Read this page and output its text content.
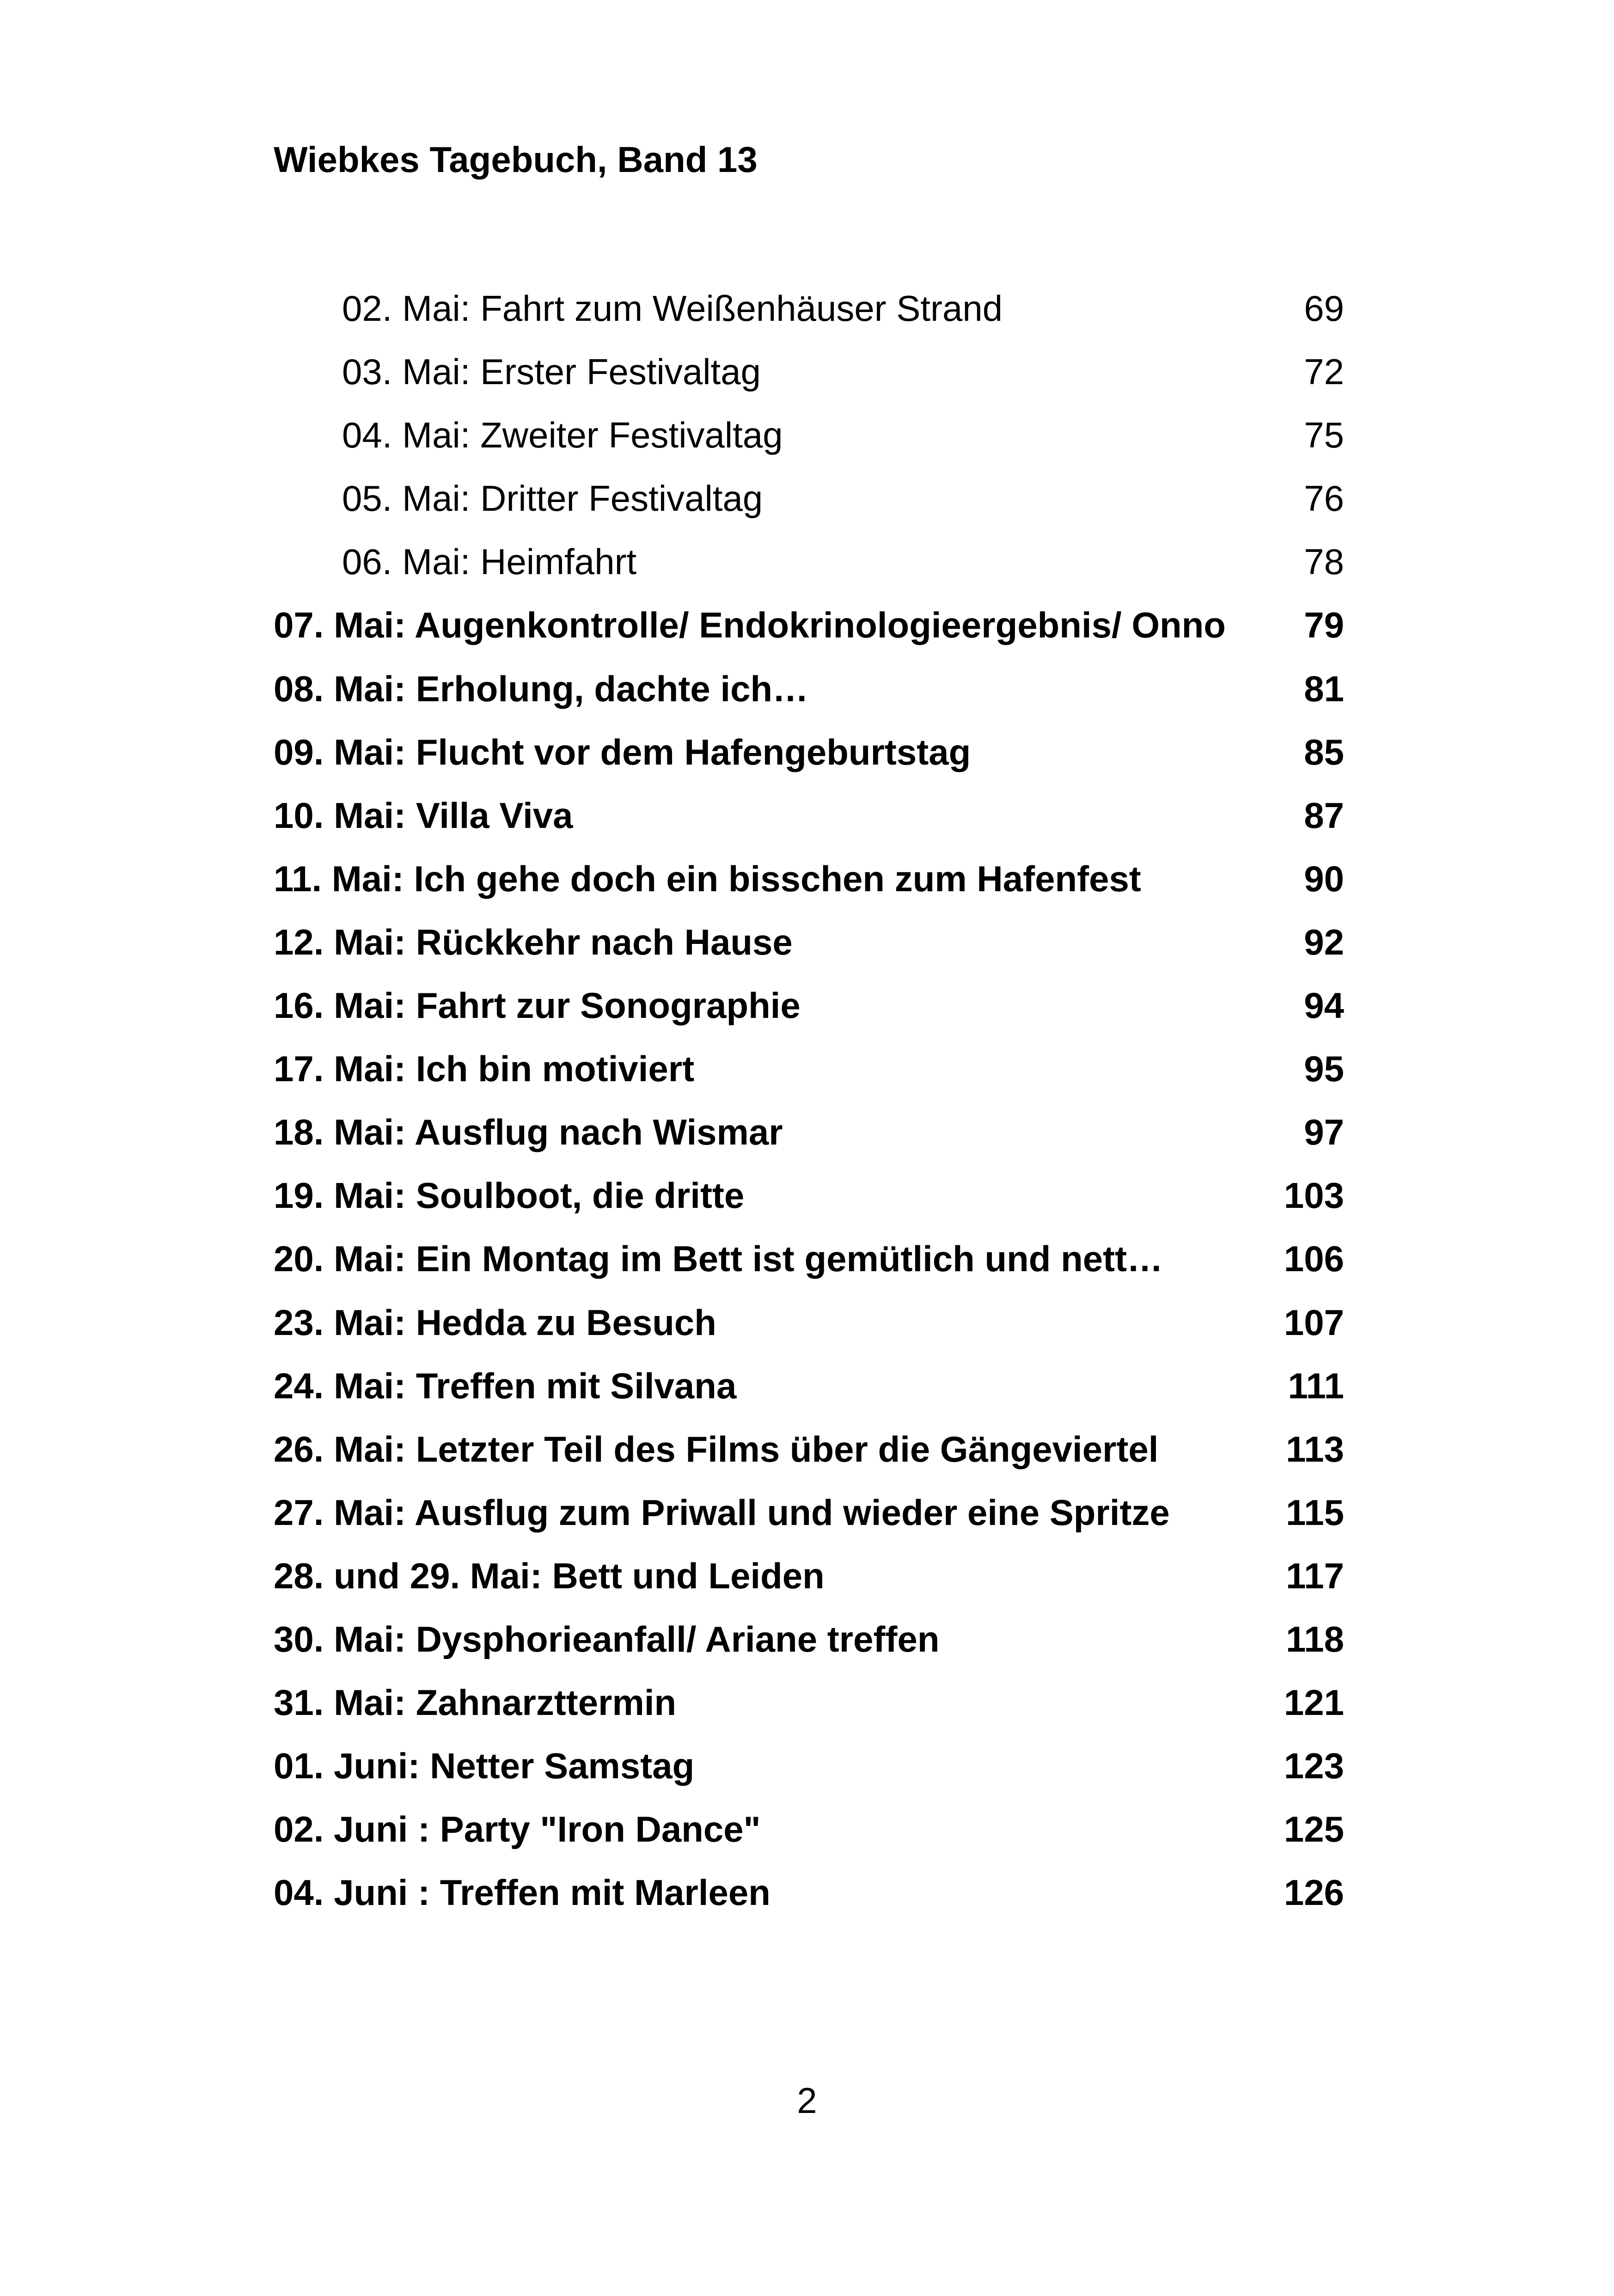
Wiebkes Tagebuch, Band 13
02. Mai: Fahrt zum Weißenhäuser Strand	69
03. Mai: Erster Festivaltag	72
04. Mai: Zweiter Festivaltag	75
05. Mai: Dritter Festivaltag	76
06. Mai: Heimfahrt	78
07. Mai: Augenkontrolle/ Endokrinologieergebnis/ Onno 79
08. Mai: Erholung, dachte ich…	81
09. Mai: Flucht vor dem Hafengeburtstag	85
10. Mai: Villa Viva	87
11. Mai: Ich gehe doch ein bisschen zum Hafenfest	90
12. Mai: Rückkehr nach Hause	92
16. Mai: Fahrt zur Sonographie	94
17. Mai: Ich bin motiviert	95
18. Mai: Ausflug nach Wismar	97
19. Mai: Soulboot, die dritte	103
20. Mai: Ein Montag im Bett ist gemütlich und nett…	106
23. Mai: Hedda zu Besuch	107
24. Mai: Treffen mit Silvana	111
26. Mai: Letzter Teil des Films über die Gängeviertel	113
27. Mai: Ausflug zum Priwall und wieder eine Spritze	115
28. und 29. Mai: Bett und Leiden	117
30. Mai: Dysphorieanfall/ Ariane treffen	118
31. Mai: Zahnarzttermin	121
01. Juni: Netter Samstag	123
02. Juni : Party "Iron Dance"	125
04. Juni : Treffen mit Marleen	126
2
